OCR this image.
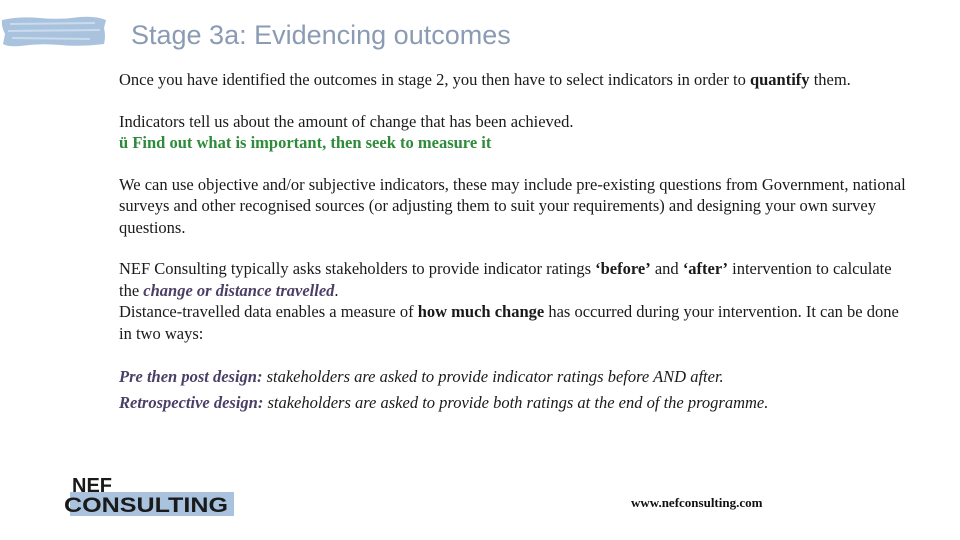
Stage 3a: Evidencing outcomes

Once you have identified the outcomes in stage 2, you then have to select indicators in order to quantify them.

Indicators tell us about the amount of change that has been achieved.

ü Find out what is important, then seek to measure it

We can use objective and/or subjective indicators, these may include pre-existing questions from Government, national surveys and other recognised sources (or adjusting them to suit your requirements) and designing your own survey questions.

NEF Consulting typically asks stakeholders to provide indicator ratings ‘before’ and ‘after’ intervention to calculate the change or distance travelled.

Distance-travelled data enables a measure of how much change has occurred during your intervention. It can be done in two ways:

Pre then post design: stakeholders are asked to provide indicator ratings before AND after.
Retrospective design: stakeholders are asked to provide both ratings at the end of the programme.

NEF
CONSULTING	www.nefconsulting.com
